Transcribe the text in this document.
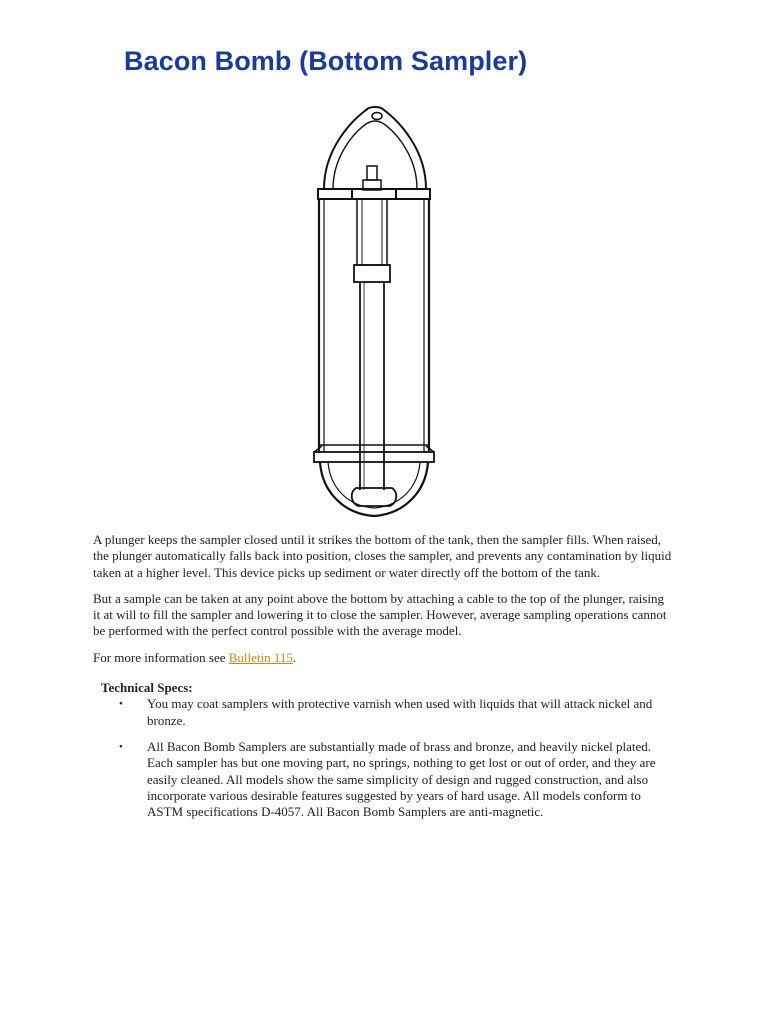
Bacon Bomb (Bottom Sampler)

A plunger keeps the sampler closed until it strikes the bottom of the tank, then the sampler fills. When raised, the plunger automatically falls back into position, closes the sampler, and prevents any contamination by liquid taken at a higher level. This device picks up sediment or water directly off the bottom of the tank.

But a sample can be taken at any point above the bottom by attaching a cable to the top of the plunger, raising it at will to fill the sampler and lowering it to close the sampler. However, average sampling operations cannot be performed with the perfect control possible with the average model.

For more information see Bulletin 115.

Technical Specs:
• You may coat samplers with protective varnish when used with liquids that will attack nickel and bronze.
• All Bacon Bomb Samplers are substantially made of brass and bronze, and heavily nickel plated. Each sampler has but one moving part, no springs, nothing to get lost or out of order, and they are easily cleaned. All models show the same simplicity of design and rugged construction, and also incorporate various desirable features suggested by years of hard usage. All models conform to ASTM specifications D-4057. All Bacon Bomb Samplers are anti-magnetic.
